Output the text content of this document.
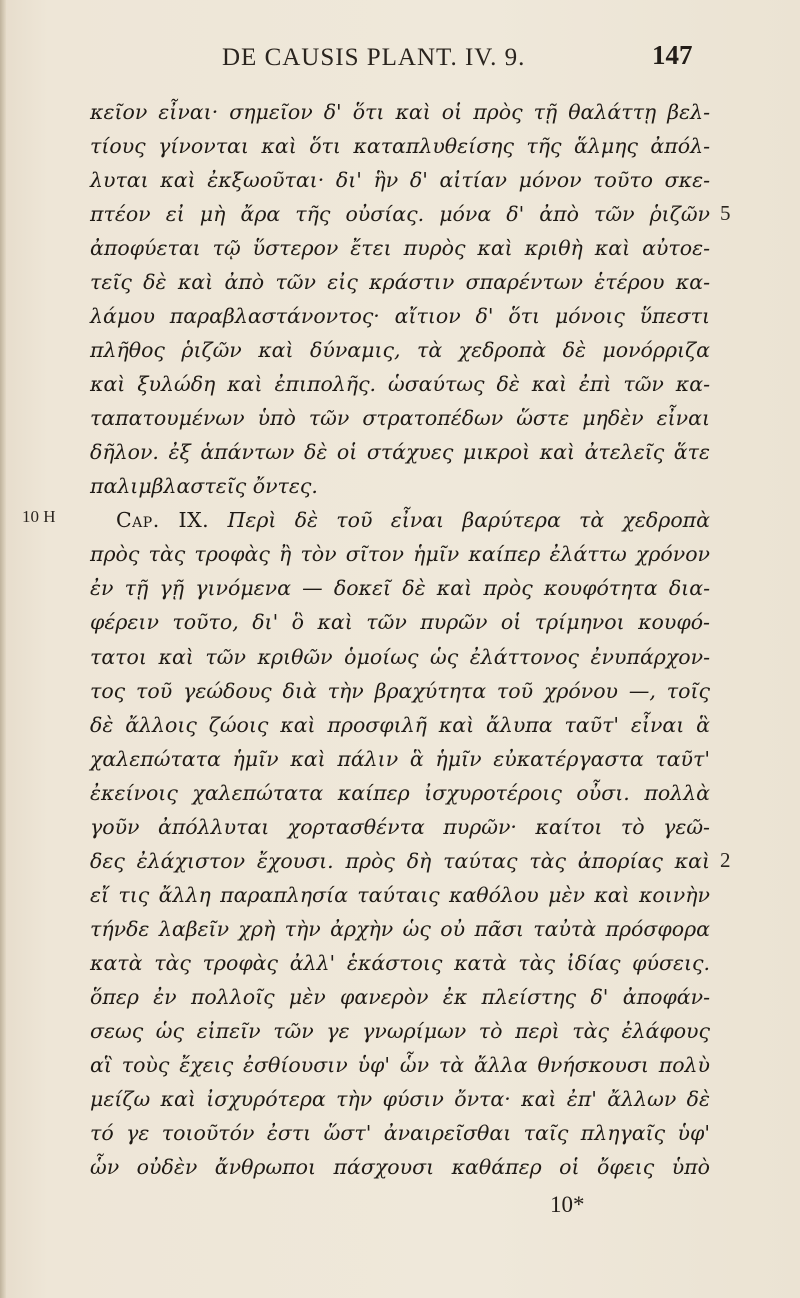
DE CAUSIS PLANT. IV. 9.	147
5
10 H
2
κεῖον εἶναι· σημεῖον δ' ὅτι καὶ οἱ πρὸς τῇ θαλάττῃ βελ-
τίους γίνονται καὶ ὅτι καταπλυθείσης τῆς ἅλμης ἀπόλ-
λυται καὶ ἐκξωοῦται· δι' ἣν δ' αἰτίαν μόνον τοῦτο σκε-
πτέον εἰ μὴ ἄρα τῆς οὐσίας. μόνα δ' ἀπὸ τῶν ῥιζῶν
ἀποφύεται τῷ ὕστερον ἔτει πυρὸς καὶ κριθὴ καὶ αὐτοε-
τεῖς δὲ καὶ ἀπὸ τῶν εἰς κράστιν σπαρέντων ἑτέρου κα-
λάμου παραβλαστάνοντος· αἴτιον δ' ὅτι μόνοις ὕπεστι
πλῆθος ῥιζῶν καὶ δύναμις, τὰ χεδροπὰ δὲ μονόρριζα
καὶ ξυλώδη καὶ ἐπιπολῆς. ὡσαύτως δὲ καὶ ἐπὶ τῶν κα-
ταπατουμένων ὑπὸ τῶν στρατοπέδων ὥστε μηδὲν εἶναι
δῆλον. ἐξ ἁπάντων δὲ οἱ στάχυες μικροὶ καὶ ἀτελεῖς ἅτε
παλιμβλαστεῖς ὄντες.
Cap. IX. Περὶ δὲ τοῦ εἶναι βαρύτερα τὰ χεδροπὰ
πρὸς τὰς τροφὰς ἢ τὸν σῖτον ἡμῖν καίπερ ἐλάττω χρόνον
ἐν τῇ γῇ γινόμενα — δοκεῖ δὲ καὶ πρὸς κουφότητα δια-
φέρειν τοῦτο, δι' ὃ καὶ τῶν πυρῶν οἱ τρίμηνοι κουφό-
τατοι καὶ τῶν κριθῶν ὁμοίως ὡς ἐλάττονος ἐνυπάρχον-
τος τοῦ γεώδους διὰ τὴν βραχύτητα τοῦ χρόνου —, τοῖς
δὲ ἄλλοις ζώοις καὶ προσφιλῆ καὶ ἄλυπα ταῦτ' εἶναι ἃ
χαλεπώτατα ἡμῖν καὶ πάλιν ἃ ἡμῖν εὐκατέργαστα ταῦτ'
ἐκείνοις χαλεπώτατα καίπερ ἰσχυροτέροις οὖσι. πολλὰ
γοῦν ἀπόλλυται χορτασθέντα πυρῶν· καίτοι τὸ γεῶ-
δες ἐλάχιστον ἔχουσι. πρὸς δὴ ταύτας τὰς ἀπορίας καὶ
εἴ τις ἄλλη παραπλησία ταύταις καθόλου μὲν καὶ κοινὴν
τήνδε λαβεῖν χρὴ τὴν ἀρχὴν ὡς οὐ πᾶσι ταὐτὰ πρόσφορα
κατὰ τὰς τροφὰς ἀλλ' ἑκάστοις κατὰ τὰς ἰδίας φύσεις.
ὅπερ ἐν πολλοῖς μὲν φανερὸν ἐκ πλείστης δ' ἀποφάν-
σεως ὡς εἰπεῖν τῶν γε γνωρίμων τὸ περὶ τὰς ἐλάφους
αἳ τοὺς ἔχεις ἐσθίουσιν ὑφ' ὧν τὰ ἄλλα θνήσκουσι πολὺ
μείζω καὶ ἰσχυρότερα τὴν φύσιν ὄντα· καὶ ἐπ' ἄλλων δὲ
τό γε τοιοῦτόν ἐστι ὥστ' ἀναιρεῖσθαι ταῖς πληγαῖς ὑφ'
ὧν οὐδὲν ἄνθρωποι πάσχουσι καθάπερ οἱ ὄφεις ὑπὸ
10*
